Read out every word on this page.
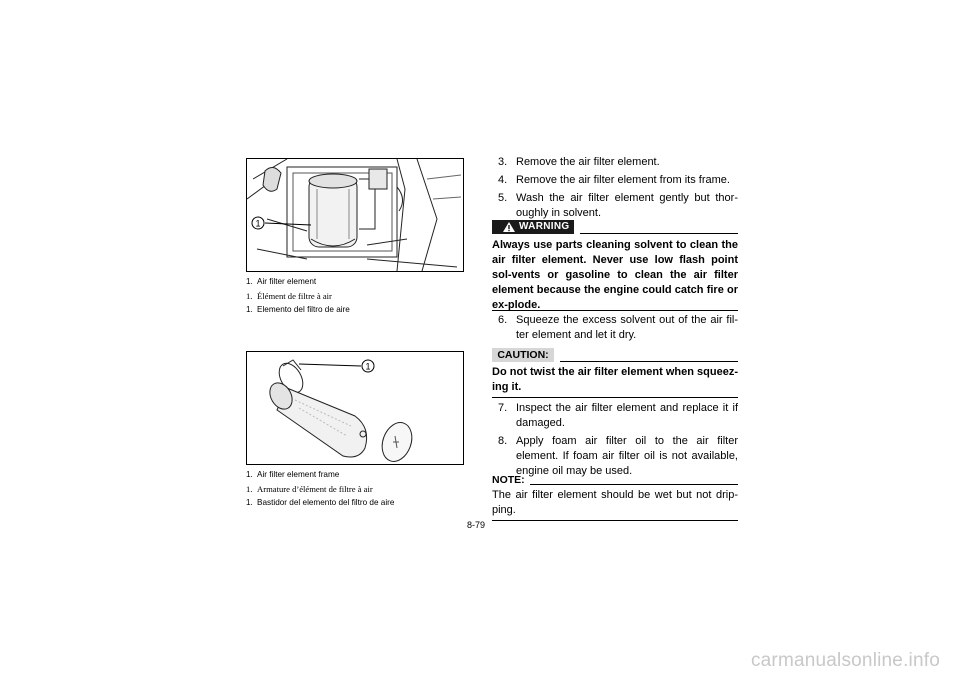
1
1. Air filter element
1. Élément de filtre à air
1. Elemento del filtro de aire
1
1. Air filter element frame
1. Armature d’élément de filtre à air
1. Bastidor del elemento del filtro de aire

3. Remove the air filter element.

4. Remove the air filter element from its frame.

5. Wash the air filter element gently but thor-oughly in solvent.

WARNING
Always use parts cleaning solvent to clean the air filter element. Never use low flash point sol-vents or gasoline to clean the air filter element because the engine could catch fire or ex-plode.

6. Squeeze the excess solvent out of the air fil-ter element and let it dry.

CAUTION:
Do not twist the air filter element when squeez-ing it.

7. Inspect the air filter element and replace it if damaged.

8. Apply foam air filter oil to the air filter element. If foam air filter oil is not available, engine oil may be used.

NOTE:
The air filter element should be wet but not drip-ping.
8-79
carmanualsonline.info
